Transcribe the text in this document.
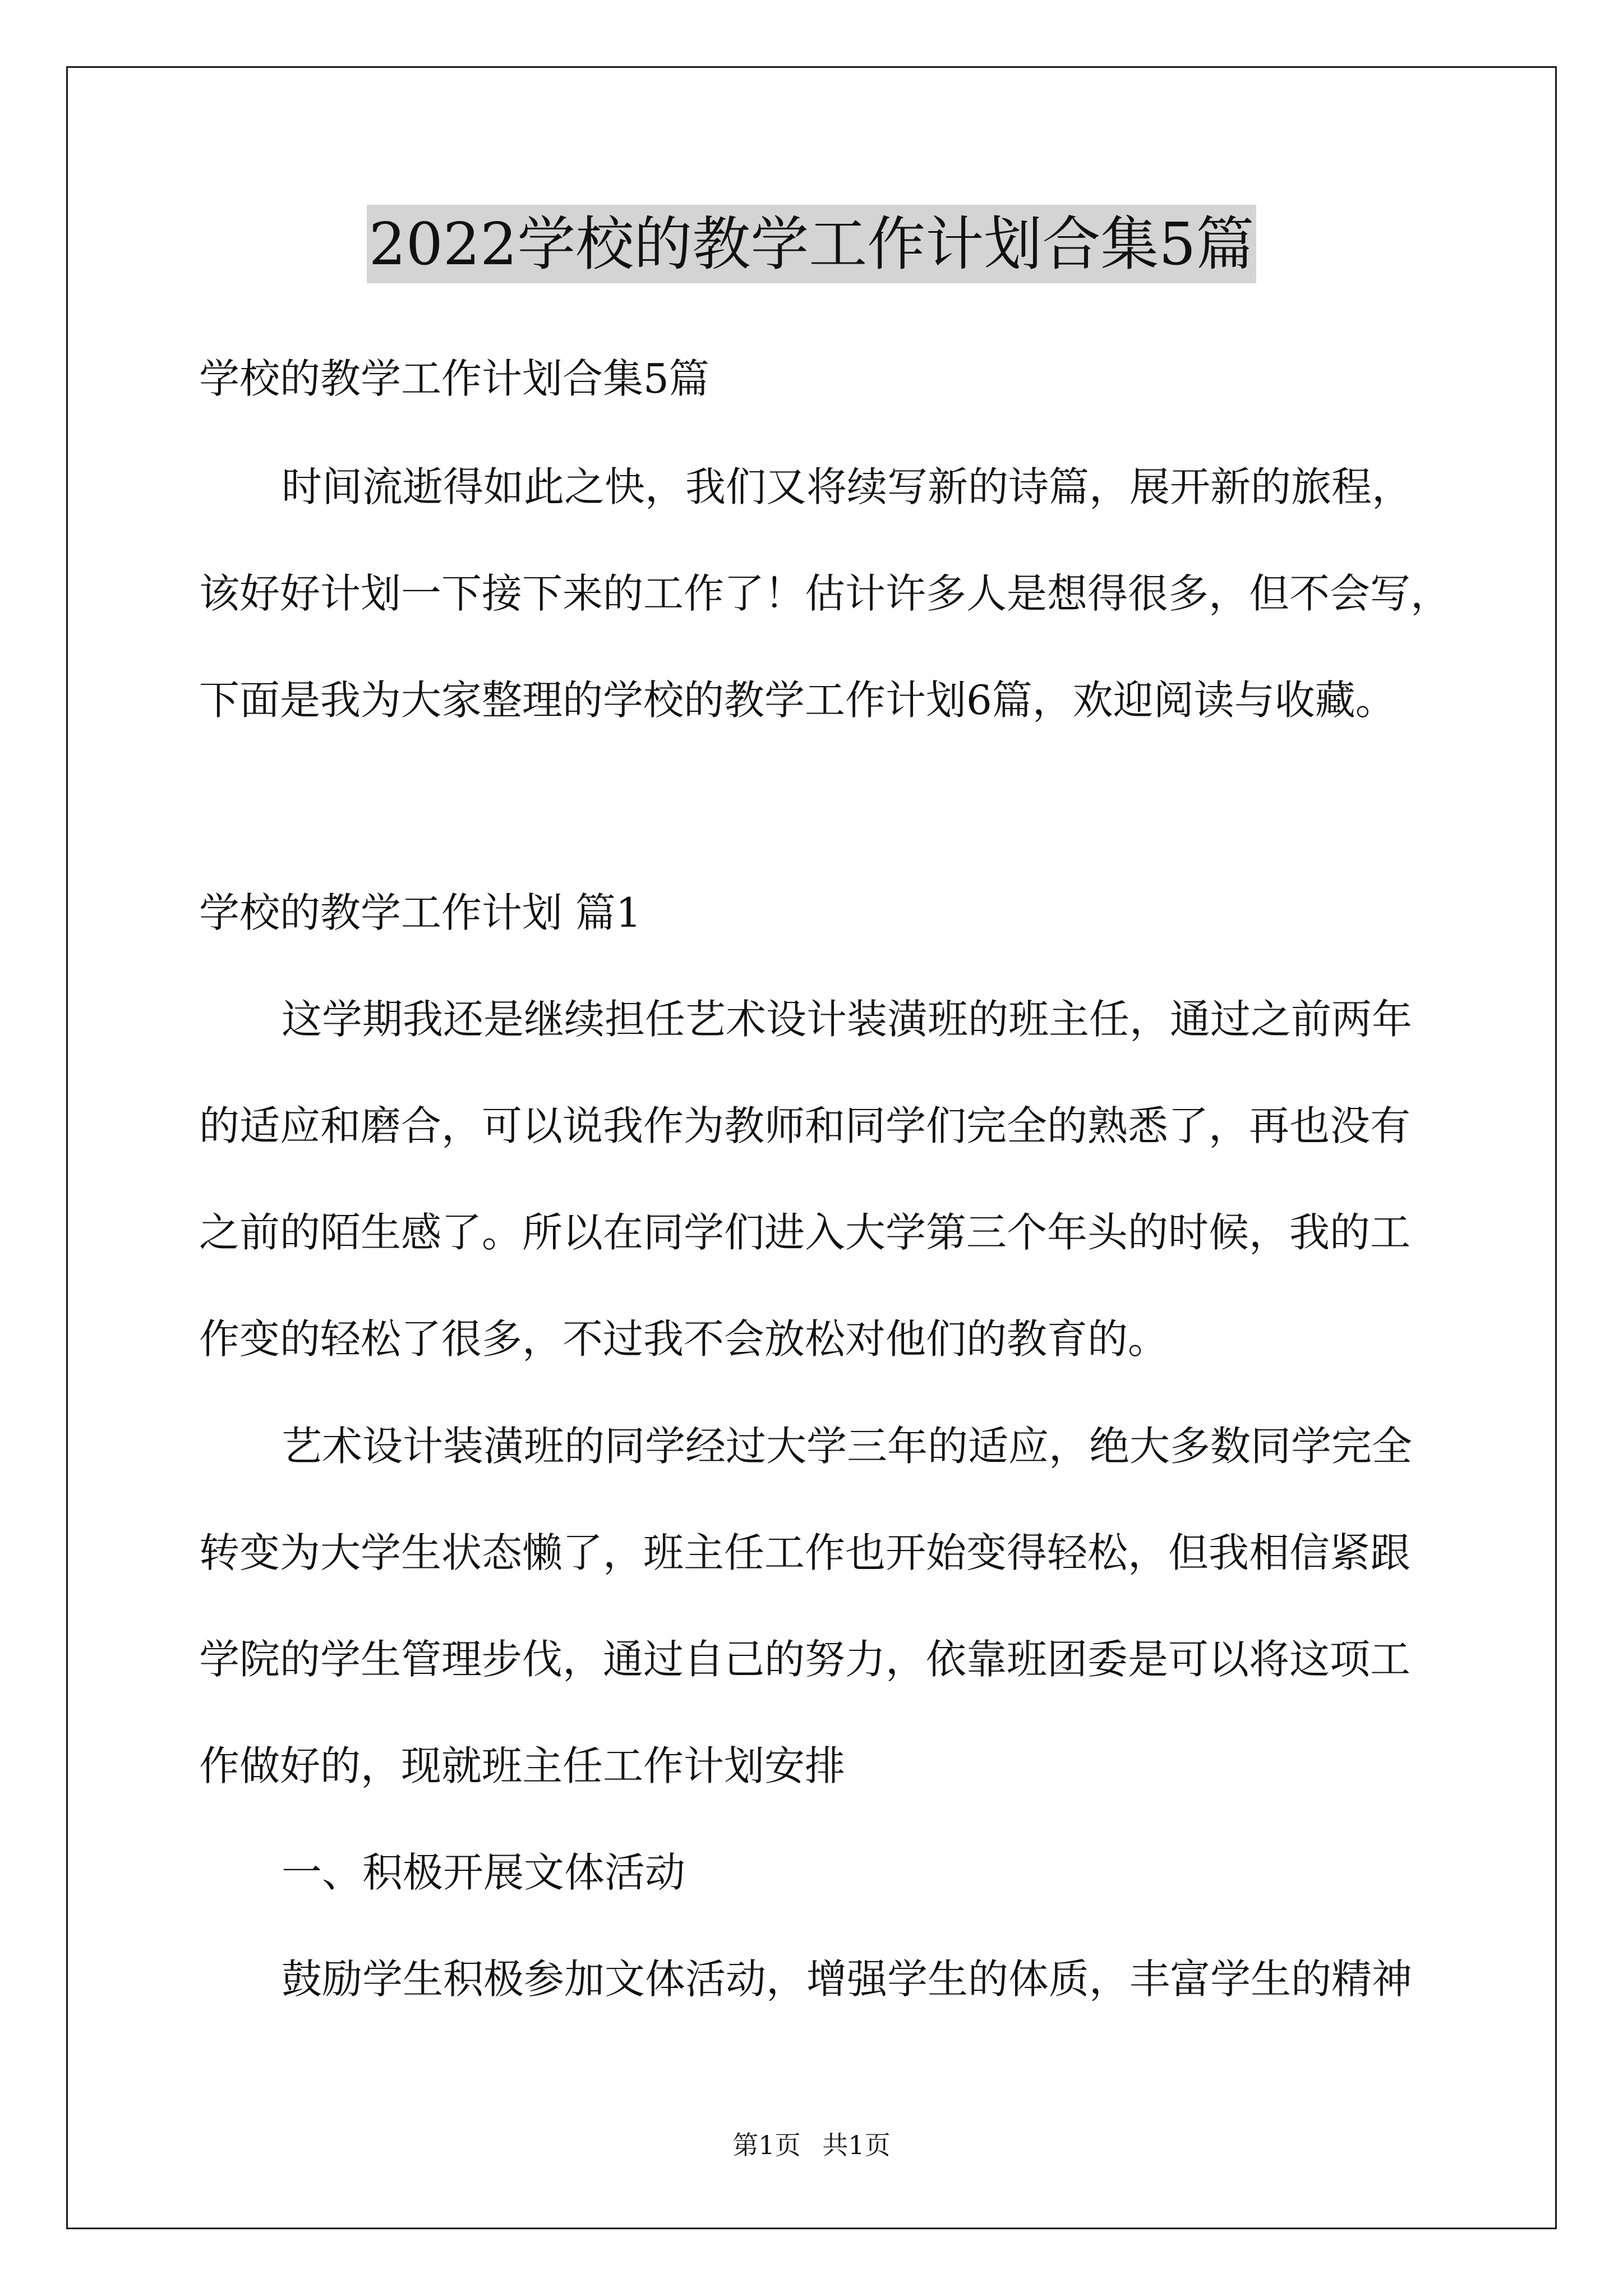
2022学校的教学工作计划合集5篇
学校的教学工作计划合集5篇
时间流逝得如此之快，我们又将续写新的诗篇，展开新的旅程，
该好好计划一下接下来的工作了！估计许多人是想得很多，但不会写，
下面是我为大家整理的学校的教学工作计划6篇，欢迎阅读与收藏。
学校的教学工作计划 篇1
这学期我还是继续担任艺术设计装潢班的班主任，通过之前两年
的适应和磨合，可以说我作为教师和同学们完全的熟悉了，再也没有
之前的陌生感了。所以在同学们进入大学第三个年头的时候，我的工
作变的轻松了很多，不过我不会放松对他们的教育的。
艺术设计装潢班的同学经过大学三年的适应，绝大多数同学完全
转变为大学生状态懒了，班主任工作也开始变得轻松，但我相信紧跟
学院的学生管理步伐，通过自己的努力，依靠班团委是可以将这项工
作做好的，现就班主任工作计划安排
一、积极开展文体活动
鼓励学生积极参加文体活动，增强学生的体质，丰富学生的精神
第1页 共1页
